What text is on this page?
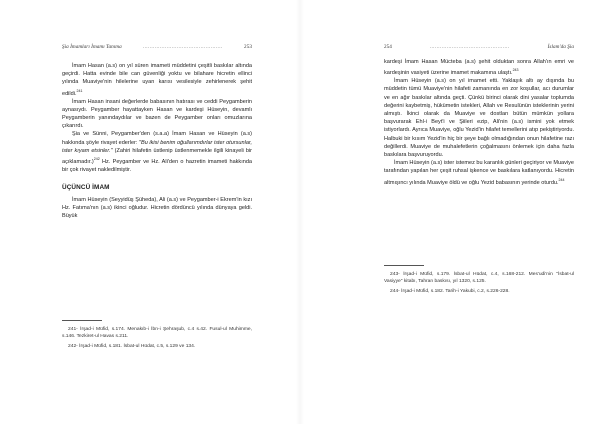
Şia İmamları İmamı Tanıma	...............................................	253

İmam Hasan (a.s) on yıl süren imameti müddetini çeşitli baskılar altında geçirdi. Hatta evinde bile can güvenliği yoktu ve bilahare hicretin ellinci yılında Muaviye'nin hilelerine uyan karısı vesilesiyle zehirlenerek şehit edildi.$^{241}$

İmam Hasan insani değerlerde babasının hatırası ve ceddi Peygamberin aynasıydı. Peygamber hayattayken Hasan ve kardeşi Hüseyin, devamlı Peygamberin yanındaydılar ve bazen de Peygamber onları omuzlarına çıkarırdı.

Şia ve Sünni, Peygamber'den (s.a.a) İmam Hasan ve Hüseyin (a.s) hakkında şöyle rivayet ederler: "Bu ikisi benim oğullarımdırlar ister otursunlar, ister kıyam etsinler." (Zahiri hilafetin üstlenip üstlenmemekle ilgili kinayeli bir açıklamadır.)$^{242}$ Hz. Peygamber ve Hz. Ali'den o hazretin imameti hakkında bir çok rivayet nakledilmiştir.

ÜÇÜNCÜ İMAM

İmam Hüseyin (Seyyidüş Şüheda), Ali (a.s) ve Peygamber-i Ekrem'in kızı Hz. Fatıma'nın (a.s) ikinci oğludur. Hicretin dördüncü yılında dünyaya geldi. Büyük

241- İrşad-i Müfid, s.174. Menakıb-i İbn-i Şehraşub, c.4 s.42. Fusul-ul Muhimme, s.146. Tezkiret-ul Havas s.211.

242- İrşad-i Müfid, s.181. İsbat-ul Hüdat, c.5, s.129 ve 134.

254	...............................................	İslam'da Şia

kardeşi İmam Hasan Mücteba (a.s) şehit olduktan sonra Allah'ın emri ve kardeşinin vasiyeti üzerine imamet makamına ulaştı.$^{243}$

İmam Hüseyin (a.s) on yıl imamet etti. Yaklaşık altı ay dışında bu müddetin tümü Muaviye'nin hilafeti zamanında en zor koşullar, acı durumlar ve en ağır baskılar altında geçti. Çünkü birinci olarak dini yasalar toplumda değerini kaybetmiş, hükümetin istekleri, Allah ve Resulünün isteklerinin yerini almıştı. İkinci olarak da Muaviye ve dostları bütün mümkün yollara başvurarak Ehl-i Beyt'i ve Şiileri ezip, Ali'nin (a.s) ismini yok etmek istiyorlardı. Ayrıca Muaviye, oğlu Yezid'in hilafet temellerini atıp pekiştiriyordu. Halbuki bir kısım Yezid'in hiç bir şeye bağlı olmadığından onun hilafetine razı değillerdi. Muaviye de muhalefetlerin çoğalmasını önlemek için daha fazla baskılara başvuruyordu.

İmam Hüseyin (a.s) ister istemez bu karanlık günleri geçiriyor ve Muaviye tarafından yapılan her çeşit ruhsal işkence ve baskılara katlanıyordu. Hicretin altmışıncı yılında Muaviye öldü ve oğlu Yezid babasının yerinde oturdu.$^{244}$

243- İrşad-i Müfid, s.179. İsbat-ul Hüdat, c.4, s.168-212. Mes'udi'nin "İsbat-ul Vasiyye" kitabı, Tahran baskısı, yıl 1320, s.125.

244- İrşad-i Müfid, s.182. Tarih-i Yakubi, c.2, s.226-228.
